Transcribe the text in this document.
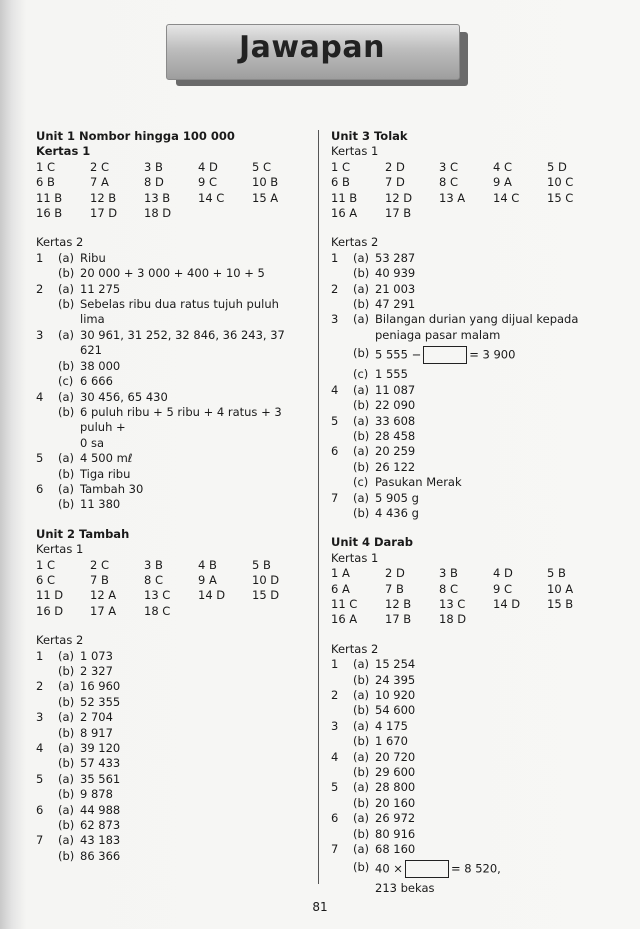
Jawapan
Unit 1 Nombor hingga 100 000
Kertas 1
1 C	2 C	3 B	4 D	5 C
6 B	7 A	8 D	9 C	10 B
11 B	12 B	13 B	14 C	15 A
16 B	17 D	18 D
Kertas 2
1	(a) Ribu
(b) 20 000 + 3 000 + 400 + 10 + 5
2	(a) 11 275
(b) Sebelas ribu dua ratus tujuh puluh lima
3	(a) 30 961, 31 252, 32 846, 36 243, 37 621
(b) 38 000
(c) 6 666
4	(a) 30 456, 65 430
(b) 6 puluh ribu + 5 ribu + 4 ratus + 3 puluh +
0 sa
5	(a) 4 500 mℓ
(b) Tiga ribu
6	(a) Tambah 30
(b) 11 380
Unit 2 Tambah
Kertas 1
1 C	2 C	3 B	4 B	5 B
6 C	7 B	8 C	9 A	10 D
11 D	12 A	13 C	14 D	15 D
16 D	17 A	18 C
Kertas 2
1	(a) 1 073
(b) 2 327
2	(a) 16 960
(b) 52 355
3	(a) 2 704
(b) 8 917
4	(a) 39 120
(b) 57 433
5	(a) 35 561
(b) 9 878
6	(a) 44 988
(b) 62 873
7	(a) 43 183
(b) 86 366
Unit 3 Tolak
Kertas 1
1 C	2 D	3 C	4 C	5 D
6 B	7 D	8 C	9 A	10 C
11 B	12 D	13 A	14 C	15 C
16 A	17 B
Kertas 2
1	(a) 53 287
(b) 40 939
2	(a) 21 003
(b) 47 291
3	(a) Bilangan durian yang dijual kepada
peniaga pasar malam
(b) 5 555 −	= 3 900
(c) 1 555
4	(a) 11 087
(b) 22 090
5	(a) 33 608
(b) 28 458
6	(a) 20 259
(b) 26 122
(c) Pasukan Merak
7	(a) 5 905 g
(b) 4 436 g
Unit 4 Darab
Kertas 1
1 A	2 D	3 B	4 D	5 B
6 A	7 B	8 C	9 C	10 A
11 C	12 B	13 C	14 D	15 B
16 A	17 B	18 D
Kertas 2
1	(a) 15 254
(b) 24 395
2	(a) 10 920
(b) 54 600
3	(a) 4 175
(b) 1 670
4	(a) 20 720
(b) 29 600
5	(a) 28 800
(b) 20 160
6	(a) 26 972
(b) 80 916
7	(a) 68 160
(b) 40 ×	= 8 520,
213 bekas
81
